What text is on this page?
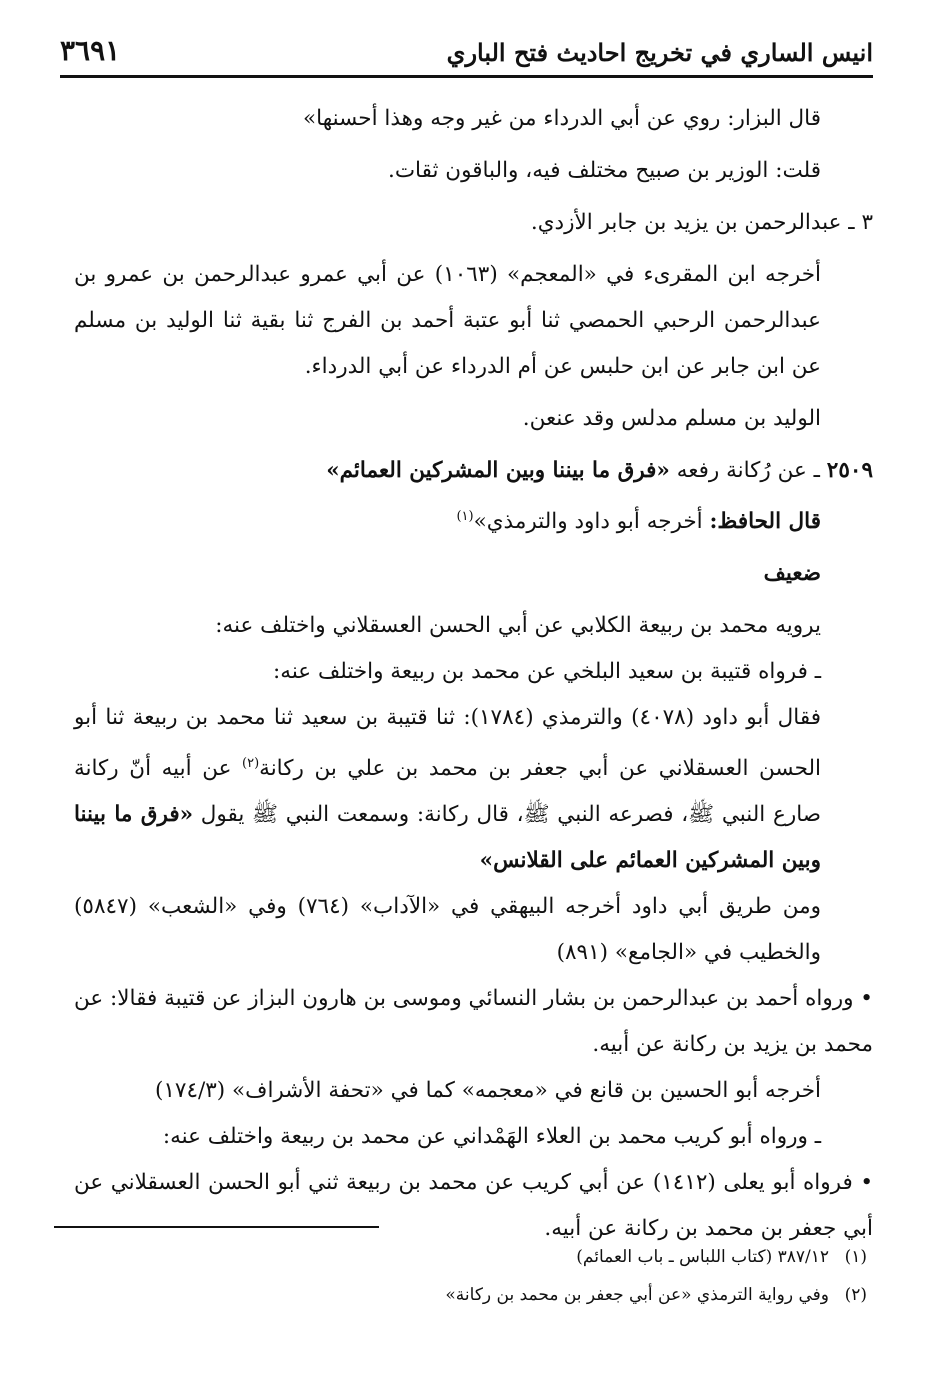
انيس الساري في تخريج احاديث فتح الباري
٣٦٩١

قال البزار: روي عن أبي الدرداء من غير وجه وهذا أحسنها»

قلت: الوزير بن صبيح مختلف فيه، والباقون ثقات.

٣ ـ عبدالرحمن بن يزيد بن جابر الأزدي.

أخرجه ابن المقرىء في «المعجم» (١٠٦٣) عن أبي عمرو عبدالرحمن بن عمرو بن عبدالرحمن الرحبي الحمصي ثنا أبو عتبة أحمد بن الفرج ثنا بقية ثنا الوليد بن مسلم عن ابن جابر عن ابن حلبس عن أم الدرداء عن أبي الدرداء.

الوليد بن مسلم مدلس وقد عنعن.

٢٥٠٩ ـ عن رُكانة رفعه «فرق ما بيننا وبين المشركين العمائم»

قال الحافظ: أخرجه أبو داود والترمذي»$^{(١)}$

ضعيف

يرويه محمد بن ربيعة الكلابي عن أبي الحسن العسقلاني واختلف عنه:

ـ فرواه قتيبة بن سعيد البلخي عن محمد بن ربيعة واختلف عنه:

فقال أبو داود (٤٠٧٨) والترمذي (١٧٨٤): ثنا قتيبة بن سعيد ثنا محمد بن ربيعة ثنا أبو الحسن العسقلاني عن أبي جعفر بن محمد بن علي بن ركانة$^{(٢)}$ عن أبيه أنّ ركانة صارع النبي ﷺ، فصرعه النبي ﷺ، قال ركانة: وسمعت النبي ﷺ يقول «فرق ما بيننا وبين المشركين العمائم على القلانس»

ومن طريق أبي داود أخرجه البيهقي في «الآداب» (٧٦٤) وفي «الشعب» (٥٨٤٧) والخطيب في «الجامع» (٨٩١)

• ورواه أحمد بن عبدالرحمن بن بشار النسائي وموسى بن هارون البزاز عن قتيبة فقالا: عن محمد بن يزيد بن ركانة عن أبيه.

أخرجه أبو الحسين بن قانع في «معجمه» كما في «تحفة الأشراف» (١٧٤/٣)

ـ ورواه أبو كريب محمد بن العلاء الهَمْداني عن محمد بن ربيعة واختلف عنه:

• فرواه أبو يعلى (١٤١٢) عن أبي كريب عن محمد بن ربيعة ثني أبو الحسن العسقلاني عن أبي جعفر بن محمد بن ركانة عن أبيه.

(١)٣٨٧/١٢ (كتاب اللباس ـ باب العمائم)
(٢)وفي رواية الترمذي «عن أبي جعفر بن محمد بن ركانة»
